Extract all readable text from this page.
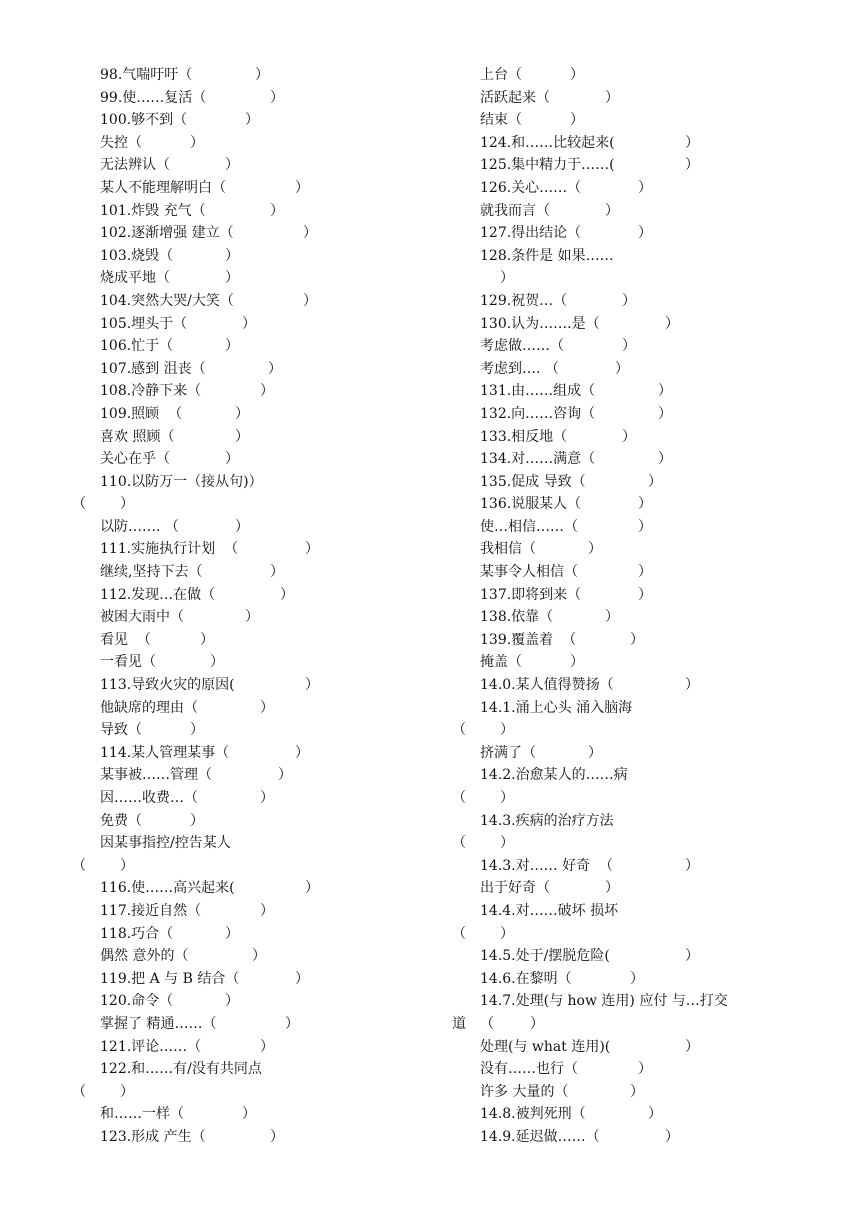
98.气喘吁吁（	）
99.使……复活（	）
100.够不到（	）
失控（	）
无法辨认（	）
某人不能理解明白（	）
101.炸毁 充气（	）
102.逐渐增强 建立（	）
103.烧毁（	）
烧成平地（	）
104.突然大哭/大笑（	）
105.埋头于（	）
106.忙于（	）
107.感到 沮丧（	）
108.冷静下来（	）
109.照顾  （	）
喜欢 照顾（	）
关心在乎（	）
110.以防万一（接从句)）
（ ）
以防……. （	）
111.实施执行计划  （	）
继续,坚持下去（	）
112.发现…在做（	）
被困大雨中（	）
看见  （	）
一看见（	）
113.导致火灾的原因(	）
他缺席的理由（	）
导致（	）	（
114.某人管理某事（	）
某事被……管理（	）
因……收费…（	）	（
免费（	）
因某事指控/控告某人	（
（ ）
116.使……高兴起来(	）
117.接近自然（	）
118.巧合（	）	（
偶然 意外的（	）
119.把 A 与 B 结合（	）
120.命令（	）
掌握了 精通……（	）	道
121.评论……（	）
122.和……有/没有共同点
（ ）
和……一样（	）
123.形成 产生（	）
上台（	）
活跃起来（	）
结束（	）
124.和……比较起来(	）
125.集中精力于……(	）
126.关心……（	）
就我而言（	）
127.得出结论（	）
128.条件是 如果……
）
129.祝贺…（	）
130.认为…….是（	）
考虑做……（	）
考虑到…. （	）
131.由……组成（	）
132.向……咨询（	）
133.相反地（	）
134.对……满意（	）
135.促成 导致（	）
136.说服某人（	）
使…相信……（	）
我相信（	）
某事令人相信（	）
137.即将到来（	）
138.依靠（	）
139.覆盖着  （	）
掩盖（	）
14.0.某人值得赞扬（	）
14.1.涌上心头 涌入脑海
）
挤满了（	）
14.2.治愈某人的……病
）
14.3.疾病的治疗方法
）
14.3.对…… 好奇  （	）
出于好奇（	）
14.4.对……破坏 损坏
）
14.5.处于/摆脱危险(	）
14.6.在黎明（	）
14.7.处理(与 how 连用) 应付 与…打交
（	）
处理(与 what 连用)(	）
没有……也行（	）
许多 大量的（	）
14.8.被判死刑（	）
14.9.延迟做……（	）
